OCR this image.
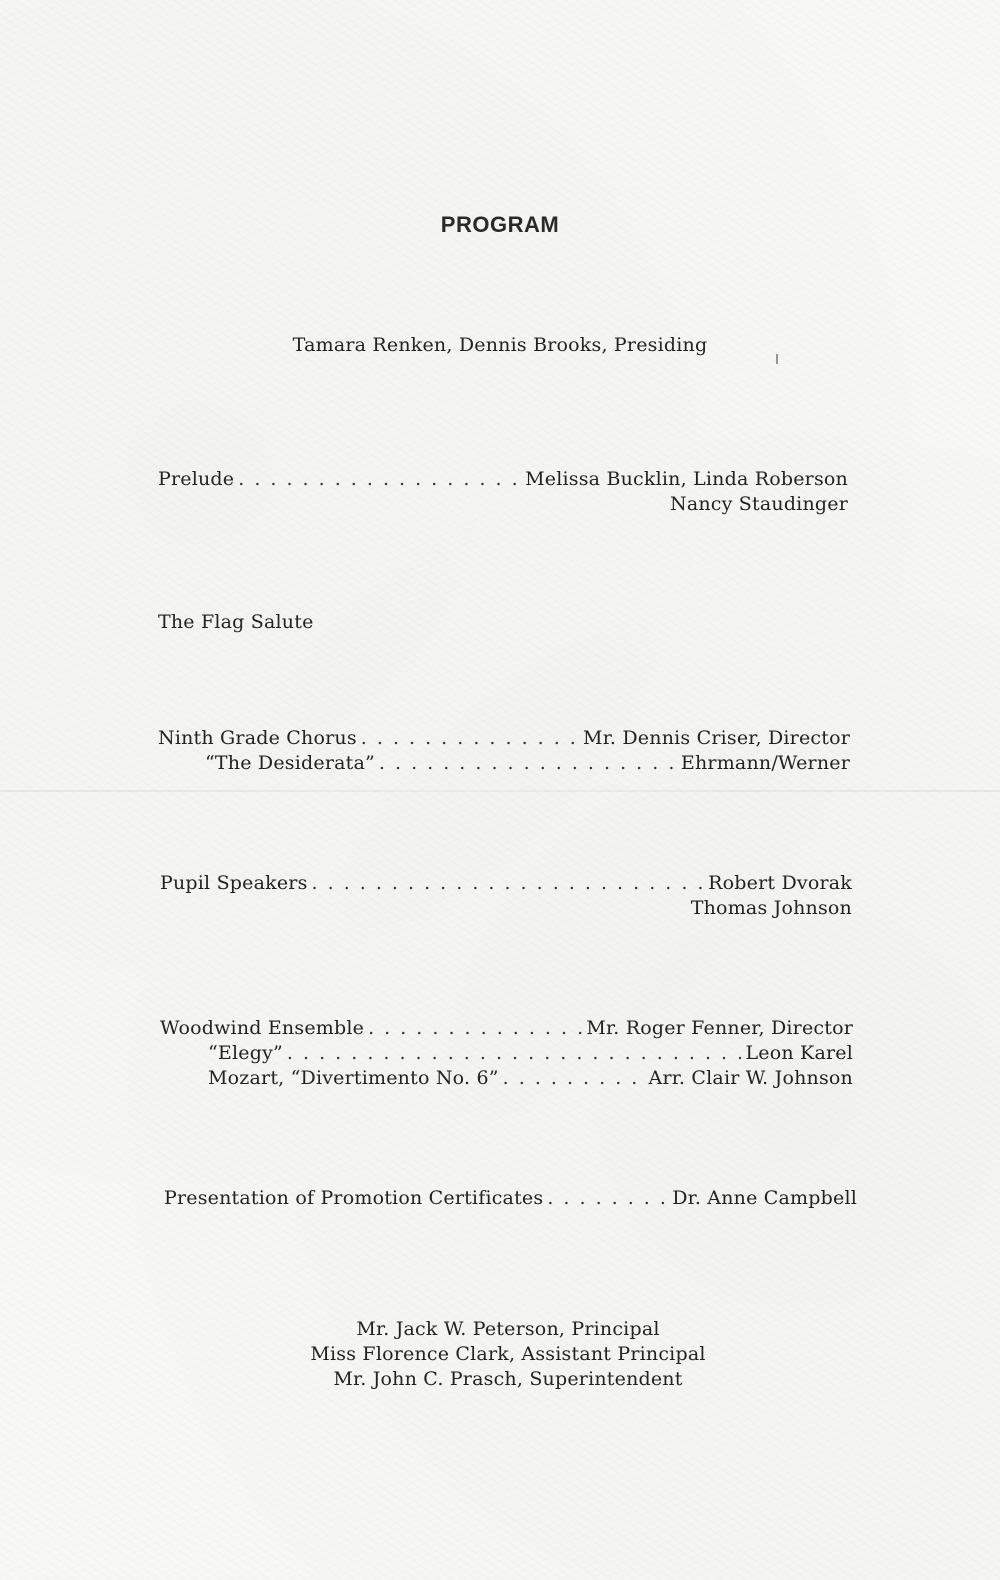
PROGRAM
Tamara Renken, Dennis Brooks, Presiding
Prelude . . .	Melissa Bucklin, Linda Roberson
Nancy Staudinger
The Flag Salute
Ninth Grade Chorus . . .	Mr. Dennis Criser, Director
“The Desiderata” . . .	Ehrmann/Werner
Pupil Speakers . . .	Robert Dvorak
Thomas Johnson
Woodwind Ensemble . . .	Mr. Roger Fenner, Director
“Elegy” . . .	Leon Karel
Mozart, “Divertimento No. 6” . . .	Arr. Clair W. Johnson
Presentation of Promotion Certificates . . .	Dr. Anne Campbell
Mr. Jack W. Peterson, Principal
Miss Florence Clark, Assistant Principal
Mr. John C. Prasch, Superintendent
